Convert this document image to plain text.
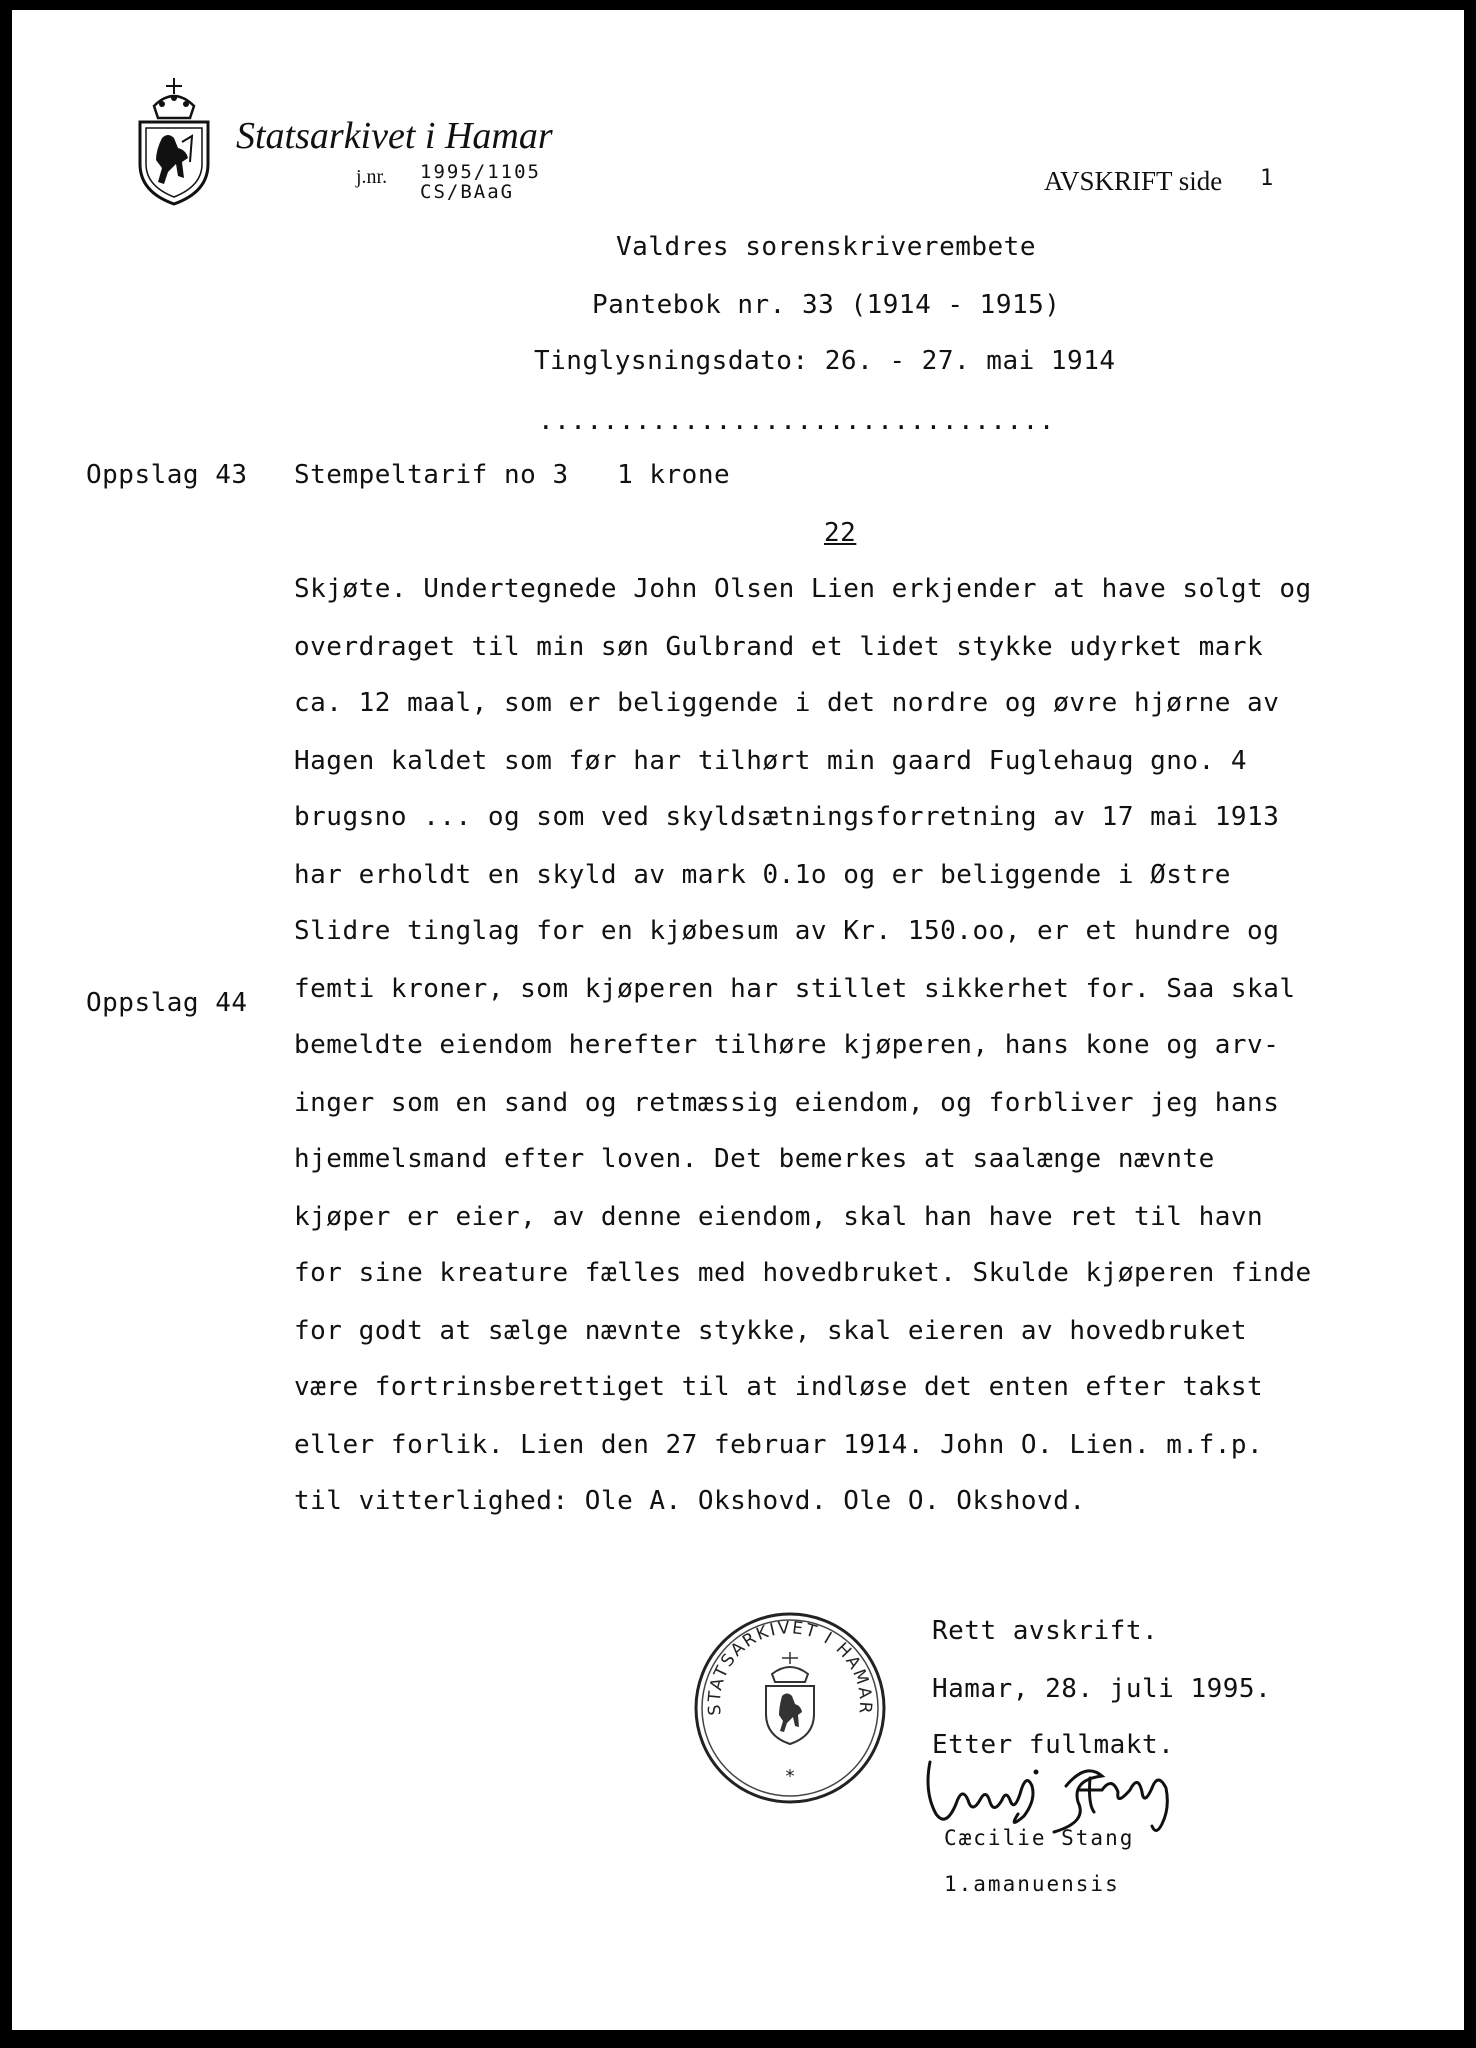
Statsarkivet i Hamar
j.nr. 1995/1105
CS/BAaG	AVSKRIFT side 1
Valdres sorenskriverembete
Pantebok nr. 33 (1914 - 1915)
Tinglysningsdato: 26. - 27. mai 1914
................................
Oppslag 43
Oppslag 44
Stempeltarif no 3   1 krone
22
Skjøte. Undertegnede John Olsen Lien erkjender at have solgt og
overdraget til min søn Gulbrand et lidet stykke udyrket mark
ca. 12 maal, som er beliggende i det nordre og øvre hjørne av
Hagen kaldet som før har tilhørt min gaard Fuglehaug gno. 4
brugsno ... og som ved skyldsætningsforretning av 17 mai 1913
har erholdt en skyld av mark 0.1o og er beliggende i Østre
Slidre tinglag for en kjøbesum av Kr. 150.oo, er et hundre og
femti kroner, som kjøperen har stillet sikkerhet for. Saa skal
bemeldte eiendom herefter tilhøre kjøperen, hans kone og arv-
inger som en sand og retmæssig eiendom, og forbliver jeg hans
hjemmelsmand efter loven. Det bemerkes at saalænge nævnte
kjøper er eier, av denne eiendom, skal han have ret til havn
for sine kreature fælles med hovedbruket. Skulde kjøperen finde
for godt at sælge nævnte stykke, skal eieren av hovedbruket
være fortrinsberettiget til at indløse det enten efter takst
eller forlik. Lien den 27 februar 1914. John O. Lien. m.f.p.
til vitterlighed: Ole A. Okshovd. Ole O. Okshovd.
STATSARKIVET I HAMAR
*
Rett avskrift.
Hamar, 28. juli 1995.
Etter fullmakt.
Cæcilie Stang
1.amanuensis
